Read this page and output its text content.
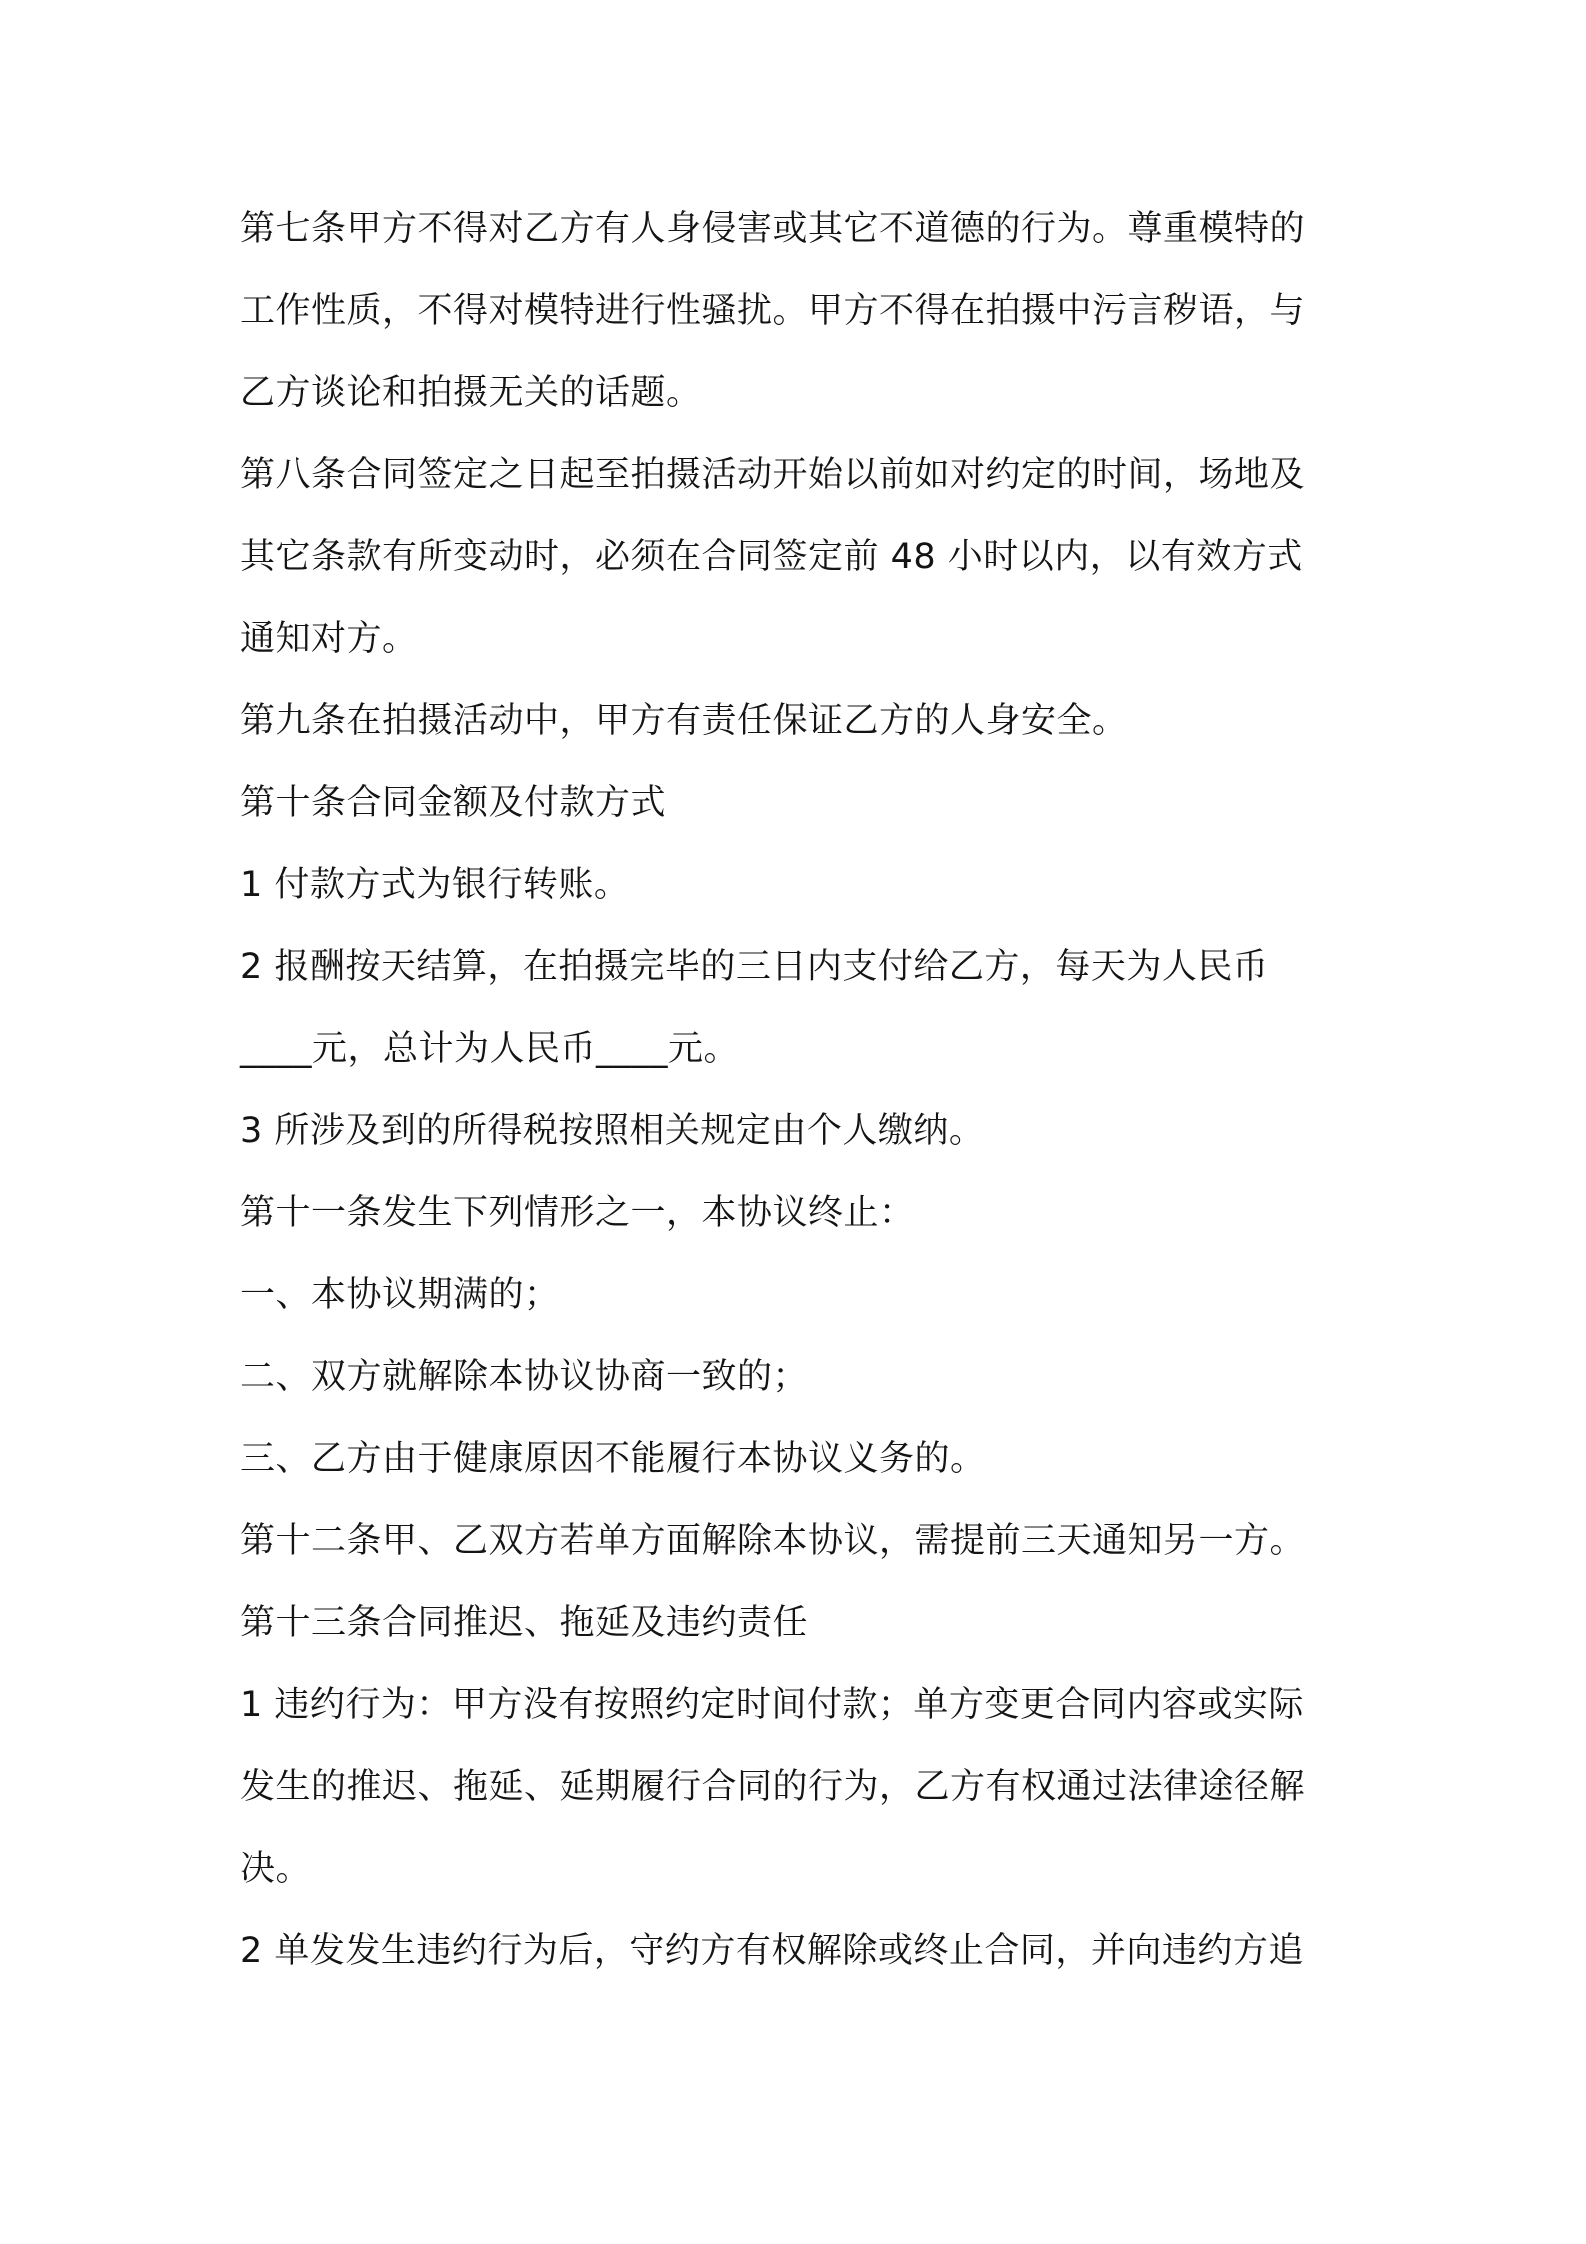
第七条甲方不得对乙方有人身侵害或其它不道德的行为。尊重模特的
工作性质，不得对模特进行性骚扰。甲方不得在拍摄中污言秽语，与
乙方谈论和拍摄无关的话题。
第八条合同签定之日起至拍摄活动开始以前如对约定的时间，场地及
其它条款有所变动时，必须在合同签定前 48 小时以内，以有效方式
通知对方。
第九条在拍摄活动中，甲方有责任保证乙方的人身安全。
第十条合同金额及付款方式
1 付款方式为银行转账。
2 报酬按天结算，在拍摄完毕的三日内支付给乙方，每天为人民币
____元，总计为人民币____元。
3 所涉及到的所得税按照相关规定由个人缴纳。
第十一条发生下列情形之一，本协议终止：
一、本协议期满的；
二、双方就解除本协议协商一致的；
三、乙方由于健康原因不能履行本协议义务的。
第十二条甲、乙双方若单方面解除本协议，需提前三天通知另一方。
第十三条合同推迟、拖延及违约责任
1 违约行为：甲方没有按照约定时间付款；单方变更合同内容或实际
发生的推迟、拖延、延期履行合同的行为，乙方有权通过法律途径解
决。
2 单发发生违约行为后，守约方有权解除或终止合同，并向违约方追
